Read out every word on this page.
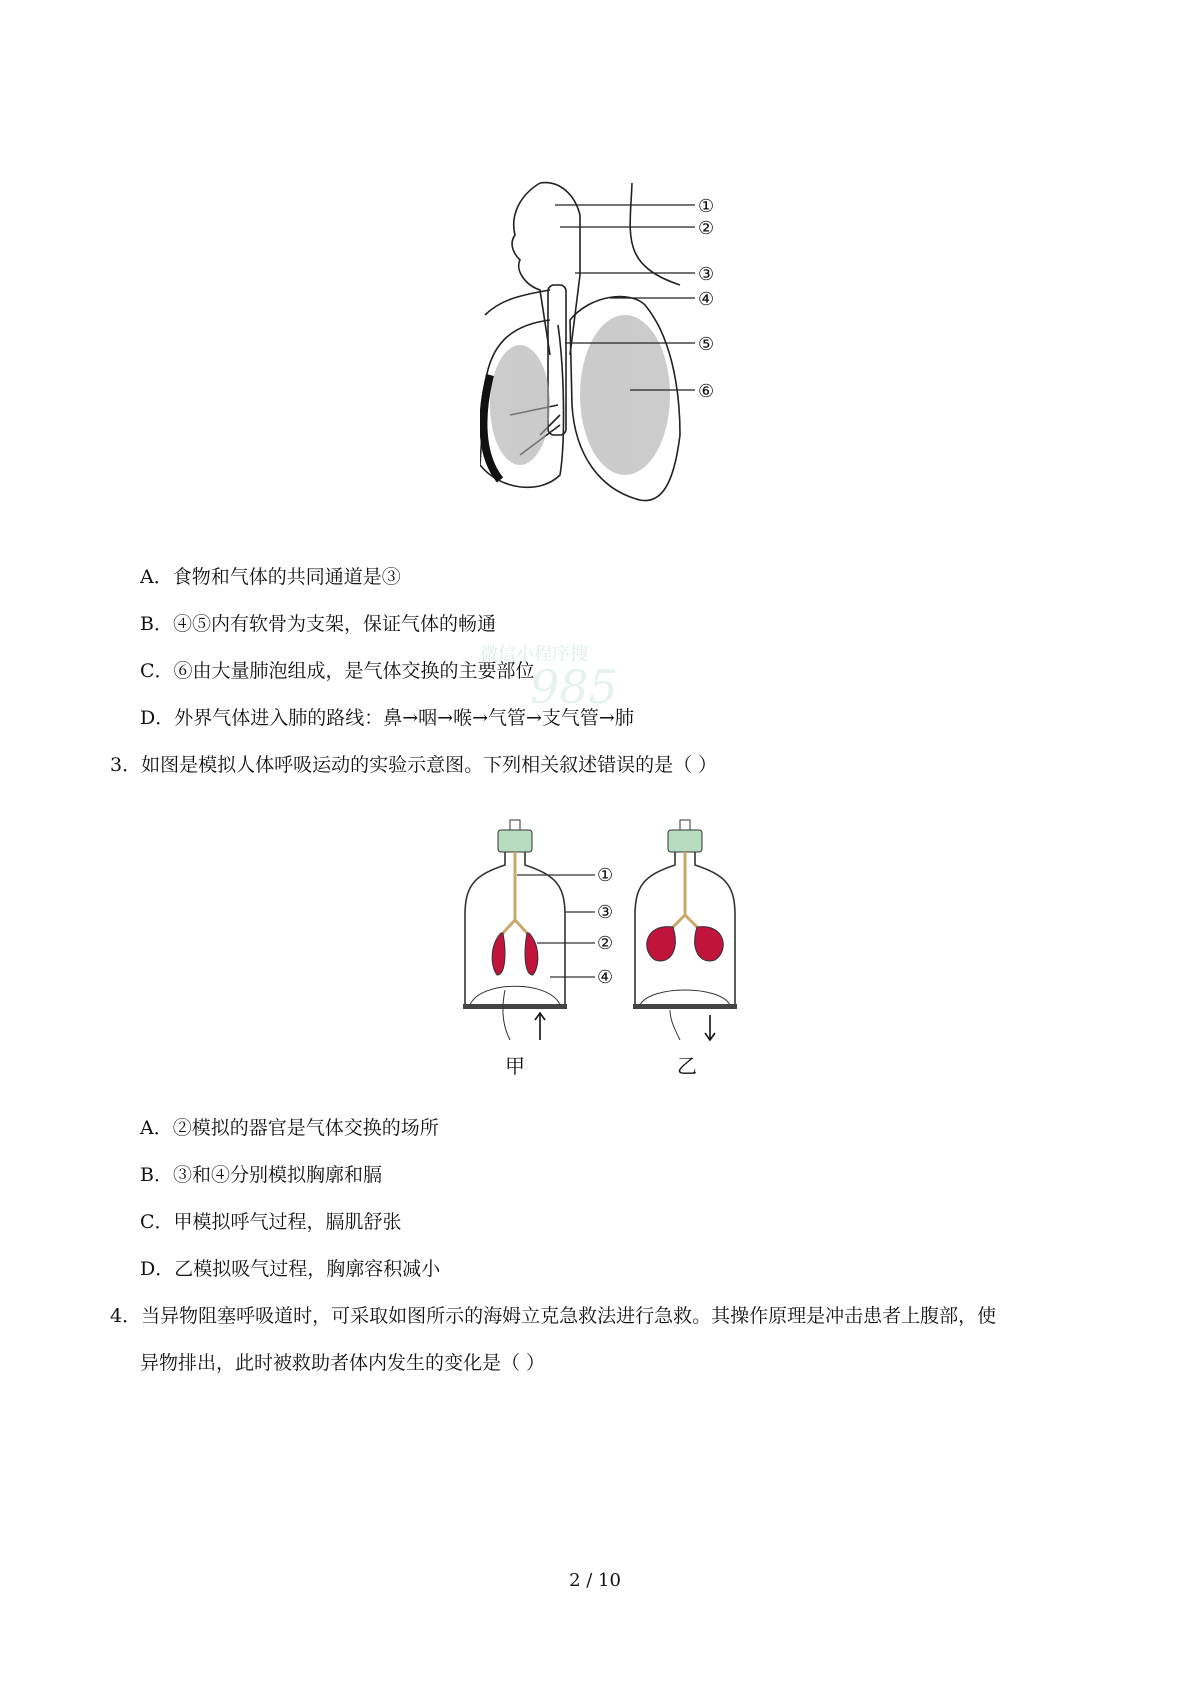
微信小程序搜
985
①
②
③
④
⑤
⑥
A．食物和气体的共同通道是③
B．④⑤内有软骨为支架，保证气体的畅通
C．⑥由大量肺泡组成，是气体交换的主要部位
D．外界气体进入肺的路线：鼻→咽→喉→气管→支气管→肺
3．如图是模拟人体呼吸运动的实验示意图。下列相关叙述错误的是（ ）
①
③
②
④
甲	乙
A．②模拟的器官是气体交换的场所
B．③和④分别模拟胸廓和膈
C．甲模拟呼气过程，膈肌舒张
D．乙模拟吸气过程，胸廓容积减小
4．当异物阻塞呼吸道时，可采取如图所示的海姆立克急救法进行急救。其操作原理是冲击患者上腹部，使
异物排出，此时被救助者体内发生的变化是（ ）
2 / 10
